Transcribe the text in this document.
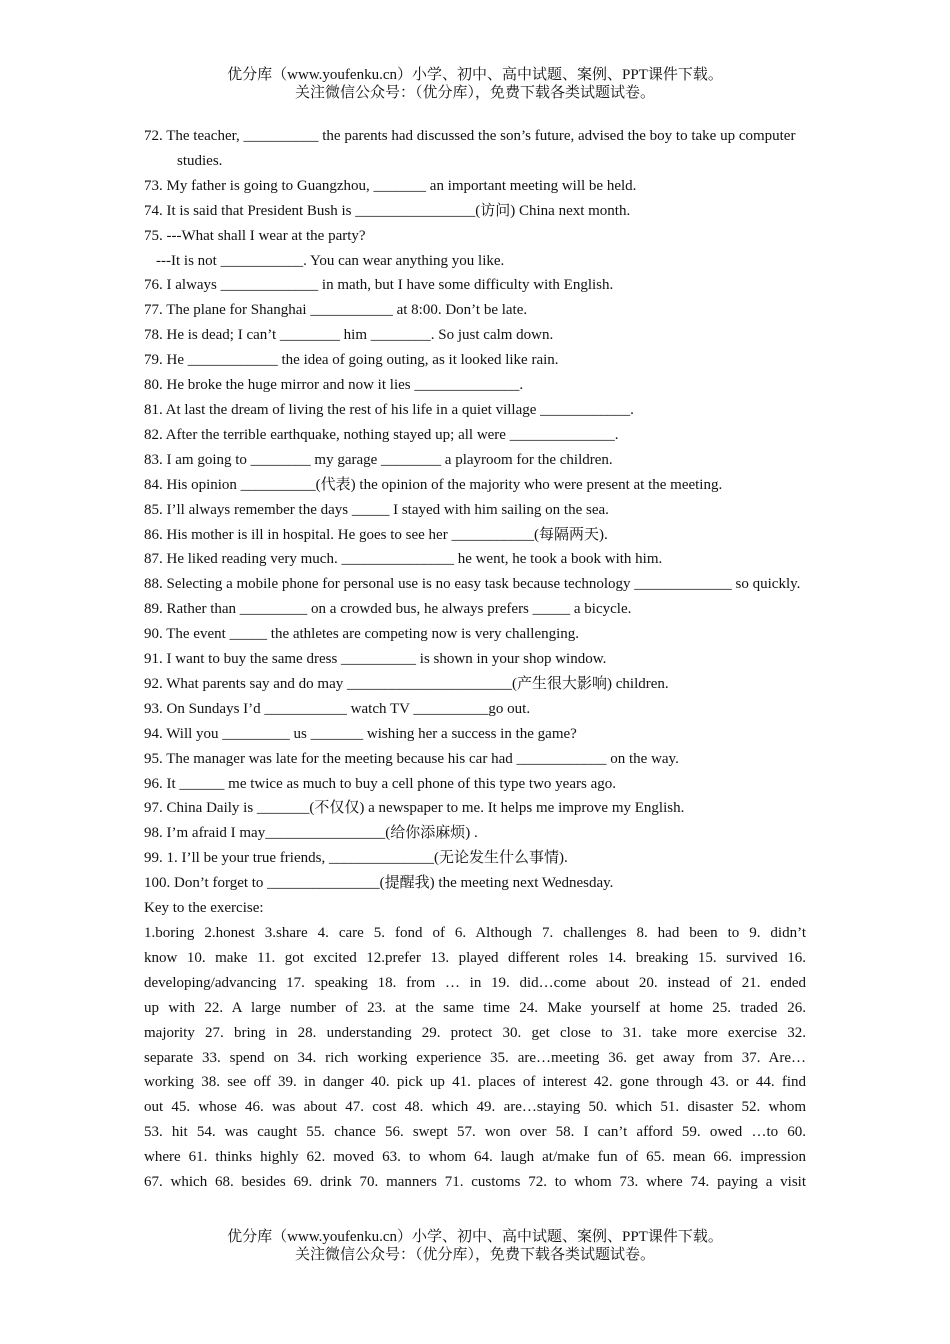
优分库（www.youfenku.cn）小学、初中、高中试题、案例、PPT课件下载。
关注微信公众号：（优分库），免费下载各类试题试卷。
72. The teacher, __________ the parents had discussed the son’s future, advised the boy to take up computer studies.
73. My father is going to Guangzhou, _______ an important meeting will be held.
74. It is said that President Bush is ________________(访问) China next month.
75. ---What shall I wear at the party?
---It is not ___________. You can wear anything you like.
76. I always _____________ in math, but I have some difficulty with English.
77. The plane for Shanghai ___________ at 8:00. Don’t be late.
78. He is dead; I can’t ________ him ________. So just calm down.
79. He ____________ the idea of going outing, as it looked like rain.
80. He broke the huge mirror and now it lies ______________.
81. At last the dream of living the rest of his life in a quiet village ____________.
82. After the terrible earthquake, nothing stayed up; all were ______________.
83. I am going to ________ my garage ________ a playroom for the children.
84. His opinion __________(代表) the opinion of the majority who were present at the meeting.
85. I’ll always remember the days _____ I stayed with him sailing on the sea.
86. His mother is ill in hospital. He goes to see her ___________(每隔两天).
87. He liked reading very much. _______________ he went, he took a book with him.
88. Selecting a mobile phone for personal use is no easy task because technology _____________ so quickly.
89. Rather than _________ on a crowded bus, he always prefers _____ a bicycle.
90. The event _____ the athletes are competing now is very challenging.
91. I want to buy the same dress __________ is shown in your shop window.
92. What parents say and do may ______________________(产生很大影响) children.
93. On Sundays I’d ___________ watch TV __________go out.
94. Will you _________ us _______ wishing her a success in the game?
95. The manager was late for the meeting because his car had ____________ on the way.
96. It ______ me twice as much to buy a cell phone of this type two years ago.
97. China Daily is _______(不仅仅) a newspaper to me. It helps me improve my English.
98. I’m afraid I may________________(给你添麻烦) .
99. 1. I’ll be your true friends, ______________(无论发生什么事情).
100. Don’t forget to _______________(提醒我) the meeting next Wednesday.
Key to the exercise:
1.boring 2.honest 3.share 4. care 5. fond of 6. Although 7. challenges 8. had been to 9. didn’t
know 10. make 11. got excited 12.prefer 13. played different roles 14. breaking 15. survived 16.
developing/advancing 17. speaking 18. from … in 19. did…come about 20. instead of 21. ended
up with 22. A large number of 23. at the same time 24. Make yourself at home 25. traded 26.
majority 27. bring in 28. understanding 29. protect 30. get close to 31. take more exercise 32.
separate 33. spend on 34. rich working experience 35. are…meeting 36. get away from 37. Are…
working 38. see off 39. in danger 40. pick up 41. places of interest 42. gone through 43. or 44. find
out 45. whose 46. was about 47. cost 48. which 49. are…staying 50. which 51. disaster 52. whom
53. hit 54. was caught 55. chance 56. swept 57. won over 58. I can’t afford 59. owed …to 60.
where 61. thinks highly 62. moved 63. to whom 64. laugh at/make fun of 65. mean 66. impression
67. which 68. besides 69. drink 70. manners 71. customs 72. to whom 73. where 74. paying a visit
优分库（www.youfenku.cn）小学、初中、高中试题、案例、PPT课件下载。
关注微信公众号：（优分库），免费下载各类试题试卷。
